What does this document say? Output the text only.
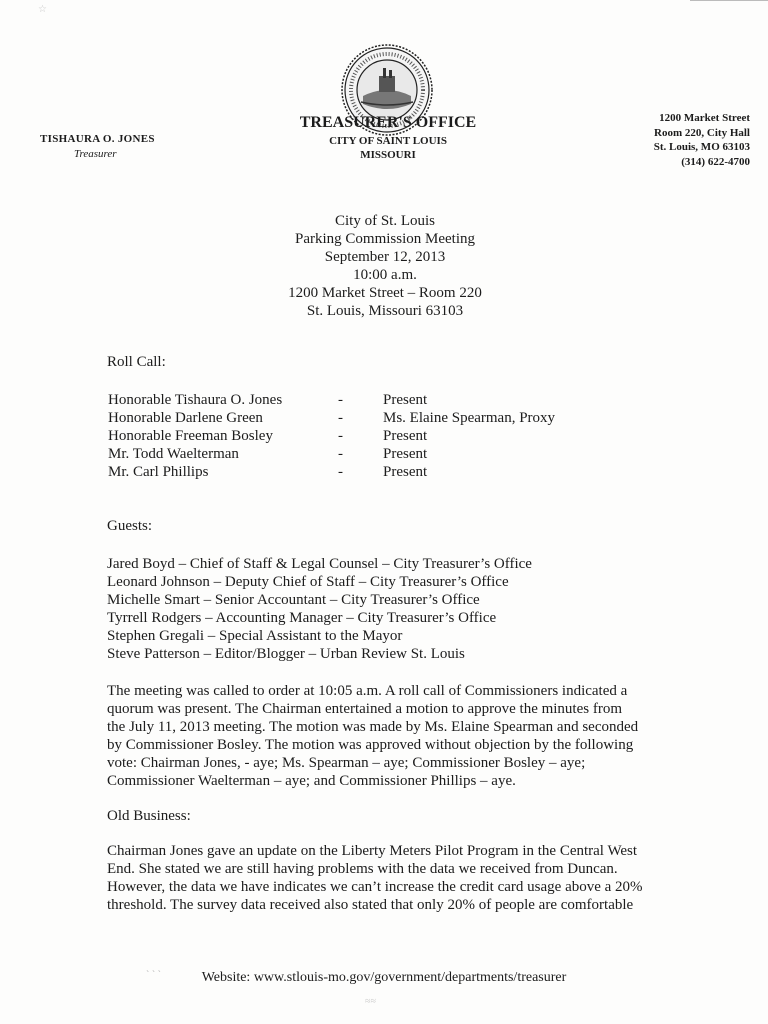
☆
TISHAURA O. JONES
Treasurer
TREASURER'S OFFICE
CITY OF SAINT LOUIS
MISSOURI
1200 Market Street
Room 220, City Hall
St. Louis, MO 63103
(314) 622-4700
City of St. Louis
Parking Commission Meeting
September 12, 2013
10:00 a.m.
1200 Market Street – Room 220
St. Louis, Missouri 63103
Roll Call:
Honorable Tishaura O. Jones	-	Present
Honorable Darlene Green	-	Ms. Elaine Spearman, Proxy
Honorable Freeman Bosley	-	Present
Mr. Todd Waelterman	-	Present
Mr. Carl Phillips	-	Present
Guests:
Jared Boyd – Chief of Staff & Legal Counsel – City Treasurer’s Office
Leonard Johnson – Deputy Chief of Staff – City Treasurer’s Office
Michelle Smart – Senior Accountant – City Treasurer’s Office
Tyrrell Rodgers – Accounting Manager – City Treasurer’s Office
Stephen Gregali – Special Assistant to the Mayor
Steve Patterson – Editor/Blogger – Urban Review St. Louis
The meeting was called to order at 10:05 a.m. A roll call of Commissioners indicated a
quorum was present. The Chairman entertained a motion to approve the minutes from
the July 11, 2013 meeting. The motion was made by Ms. Elaine Spearman and seconded
by Commissioner Bosley. The motion was approved without objection by the following
vote: Chairman Jones, - aye; Ms. Spearman – aye; Commissioner Bosley – aye;
Commissioner Waelterman – aye; and Commissioner Phillips – aye.
Old Business:
Chairman Jones gave an update on the Liberty Meters Pilot Program in the Central West
End. She stated we are still having problems with the data we received from Duncan.
However, the data we have indicates we can’t increase the credit card usage above a 20%
threshold. The survey data received also stated that only 20% of people are comfortable
` ` `	Website: www.stlouis-mo.gov/government/departments/treasurer
≈≈
